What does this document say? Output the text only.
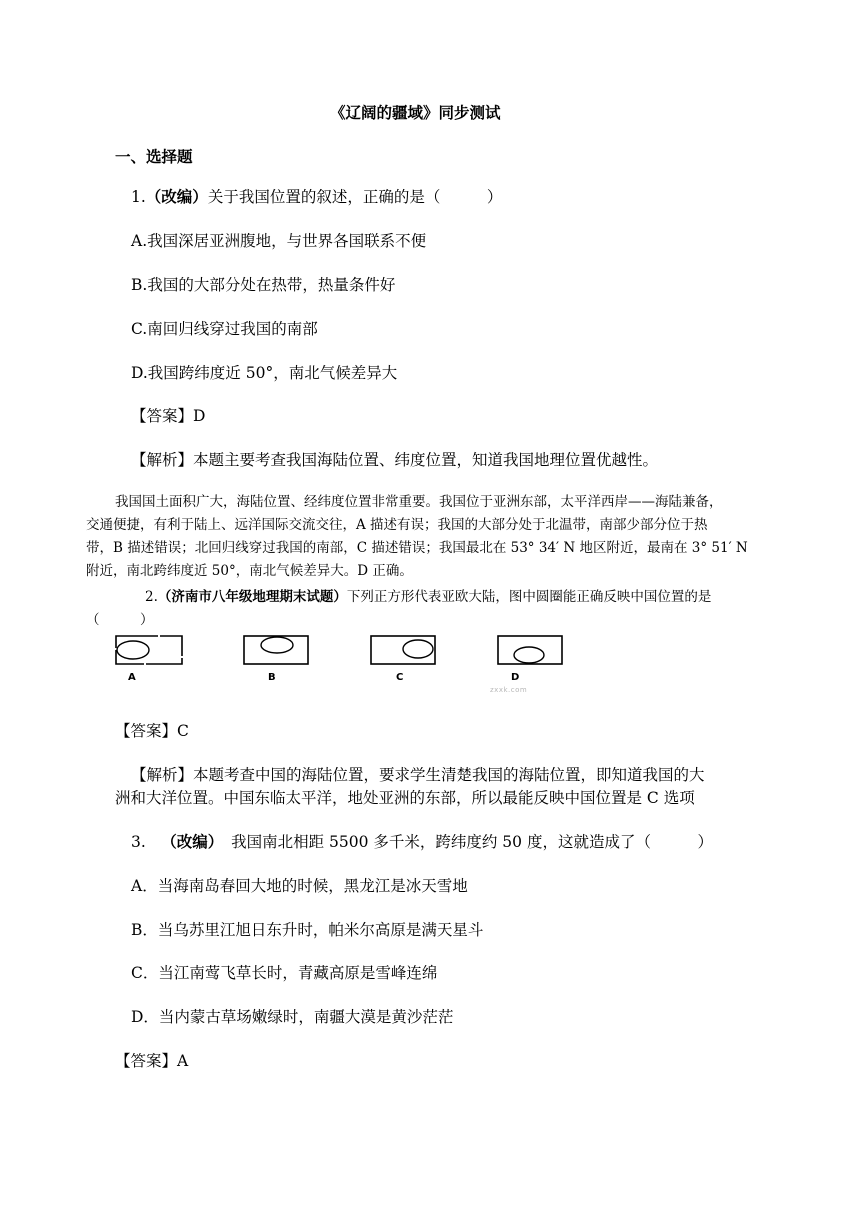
《辽阔的疆域》同步测试
一、选择题
1.（改编）关于我国位置的叙述，正确的是（　　　）
A.我国深居亚洲腹地，与世界各国联系不便
B.我国的大部分处在热带，热量条件好
C.南回归线穿过我国的南部
D.我国跨纬度近 50°，南北气候差异大
【答案】D
【解析】本题主要考查我国海陆位置、纬度位置，知道我国地理位置优越性。
我国国土面积广大，海陆位置、经纬度位置非常重要。我国位于亚洲东部，太平洋西岸——海陆兼备，
交通便捷，有利于陆上、远洋国际交流交往，A 描述有误；我国的大部分处于北温带，南部少部分位于热
带，B 描述错误；北回归线穿过我国的南部，C 描述错误；我国最北在 53° 34′ N 地区附近，最南在 3° 51′ N
附近，南北跨纬度近 50°，南北气候差异大。D 正确。
2.（济南市八年级地理期末试题）下列正方形代表亚欧大陆，图中圆圈能正确反映中国位置的是
（　　　）
A	B	C	D
zxxk.com
【答案】C
【解析】本题考查中国的海陆位置，要求学生清楚我国的海陆位置，即知道我国的大
洲和大洋位置。中国东临太平洋，地处亚洲的东部，所以最能反映中国位置是 C 选项
3.  （改编）  我国南北相距 5500 多千米，跨纬度约 50 度，这就造成了（　　　）
A．当海南岛春回大地的时候，黑龙江是冰天雪地
B．当乌苏里江旭日东升时，帕米尔高原是满天星斗
C．当江南莺飞草长时，青藏高原是雪峰连绵
D．当内蒙古草场嫩绿时，南疆大漠是黄沙茫茫
【答案】A
